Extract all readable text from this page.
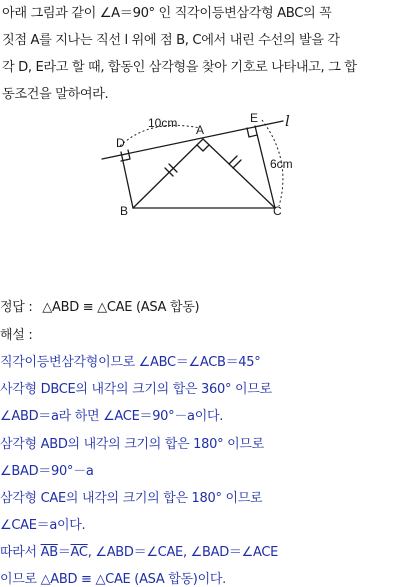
아래 그림과 같이 ∠A＝90° 인 직각이등변삼각형 ABC의 꼭

짓점 A를 지나는 직선 l 위에 점 B, C에서 내린 수선의 발을 각

각 D, E라고 할 때, 합동인 삼각형을 찾아 기호로 나타내고, 그 합

동조건을 말하여라.

10cm
6cm
D
A
E
B	C
l
정답 : △ABD ≡ △CAE (ASA 합동)
해설 :
직각이등변삼각형이므로 ∠ABC＝∠ACB＝45°
사각형 DBCE의 내각의 크기의 합은 360° 이므로
∠ABD＝a라 하면 ∠ACE＝90°－a이다.
삼각형 ABD의 내각의 크기의 합은 180° 이므로
∠BAD＝90°－a
삼각형 CAE의 내각의 크기의 합은 180° 이므로
∠CAE＝a이다.
따라서 $\overline{AB}=\overline{AC}$, ∠ABD＝∠CAE, ∠BAD＝∠ACE
이므로 △ABD ≡ △CAE (ASA 합동)이다.
